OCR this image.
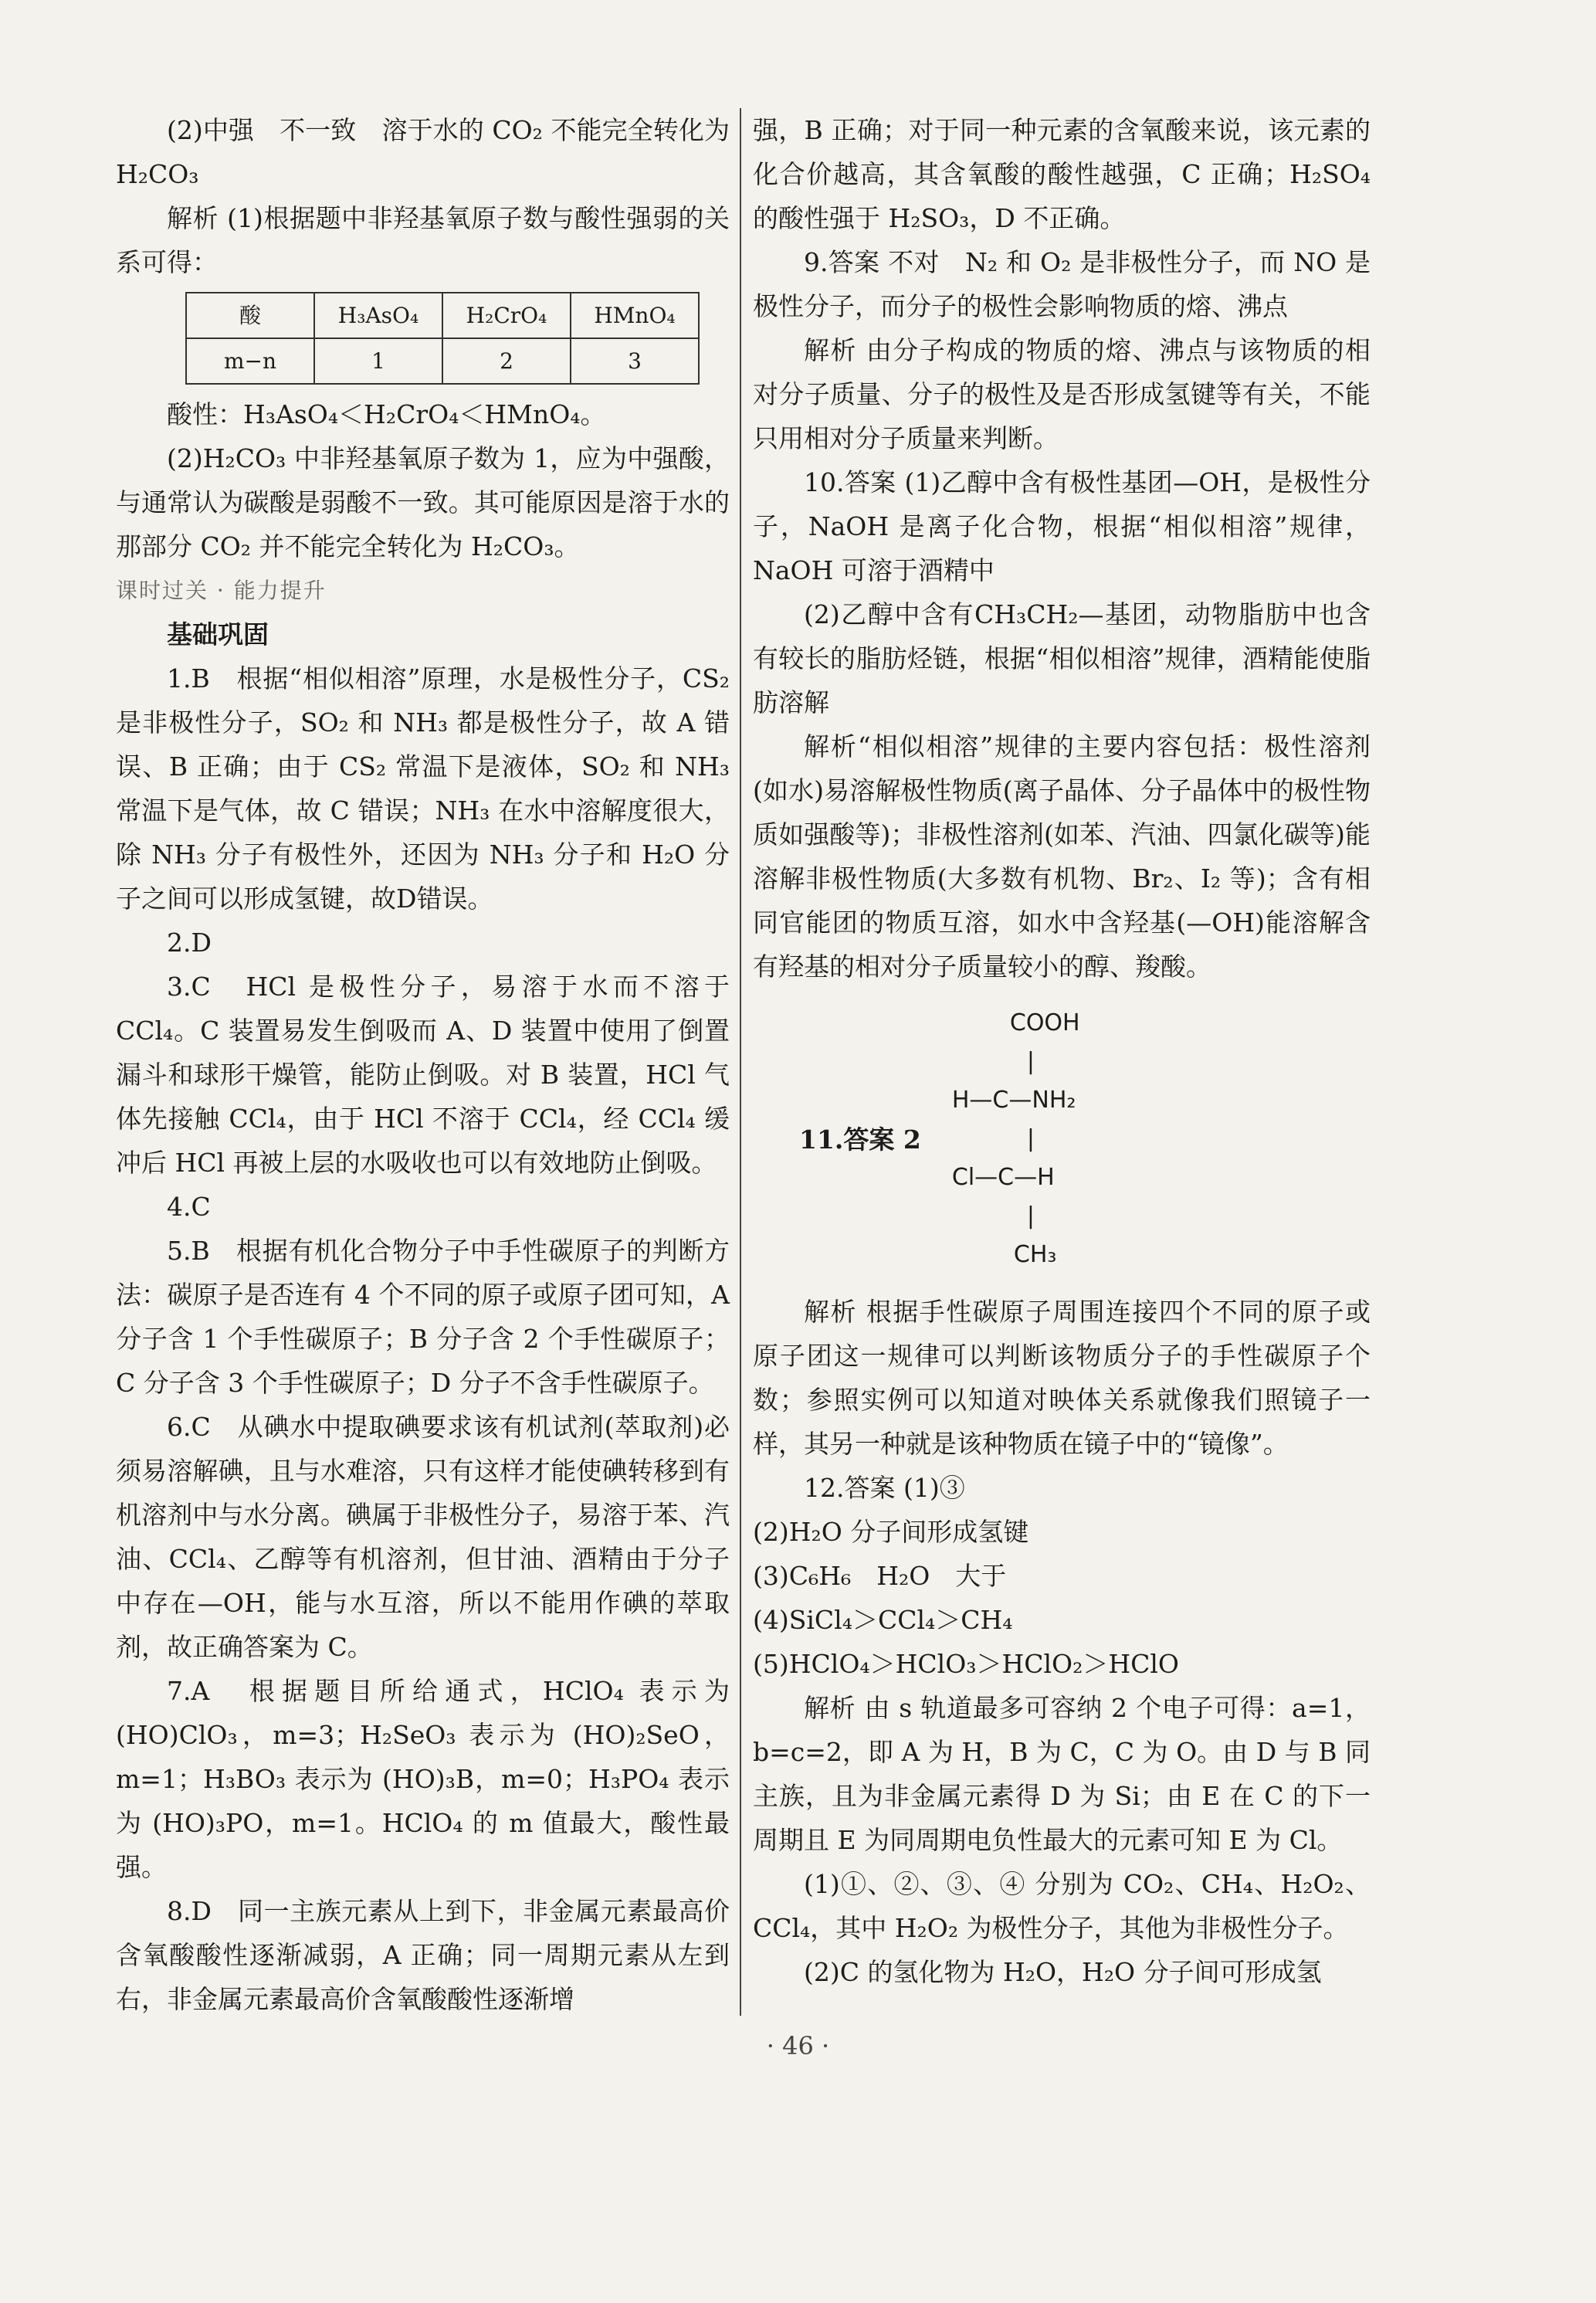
(2)中强　不一致　溶于水的 CO₂ 不能完全转化为 H₂CO₃

解析 (1)根据题中非羟基氧原子数与酸性强弱的关系可得：

酸	H₃AsO₄	H₂CrO₄	HMnO₄
m−n	1	2	3

酸性：H₃AsO₄＜H₂CrO₄＜HMnO₄。

(2)H₂CO₃ 中非羟基氧原子数为 1，应为中强酸，与通常认为碳酸是弱酸不一致。其可能原因是溶于水的那部分 CO₂ 并不能完全转化为 H₂CO₃。

课时过关 · 能力提升

基础巩固

1.B　根据“相似相溶”原理，水是极性分子，CS₂ 是非极性分子，SO₂ 和 NH₃ 都是极性分子，故 A 错误、B 正确；由于 CS₂ 常温下是液体，SO₂ 和 NH₃ 常温下是气体，故 C 错误；NH₃ 在水中溶解度很大，除 NH₃ 分子有极性外，还因为 NH₃ 分子和 H₂O 分子之间可以形成氢键，故D错误。

2.D

3.C　HCl 是极性分子，易溶于水而不溶于 CCl₄。C 装置易发生倒吸而 A、D 装置中使用了倒置漏斗和球形干燥管，能防止倒吸。对 B 装置，HCl 气体先接触 CCl₄，由于 HCl 不溶于 CCl₄，经 CCl₄ 缓冲后 HCl 再被上层的水吸收也可以有效地防止倒吸。

4.C

5.B　根据有机化合物分子中手性碳原子的判断方法：碳原子是否连有 4 个不同的原子或原子团可知，A 分子含 1 个手性碳原子；B 分子含 2 个手性碳原子；C 分子含 3 个手性碳原子；D 分子不含手性碳原子。

6.C　从碘水中提取碘要求该有机试剂(萃取剂)必须易溶解碘，且与水难溶，只有这样才能使碘转移到有机溶剂中与水分离。碘属于非极性分子，易溶于苯、汽油、CCl₄、乙醇等有机溶剂，但甘油、酒精由于分子中存在—OH，能与水互溶，所以不能用作碘的萃取剂，故正确答案为 C。

7.A　根据题目所给通式，HClO₄ 表示为 (HO)ClO₃，m=3；H₂SeO₃ 表示为 (HO)₂SeO，m=1；H₃BO₃ 表示为 (HO)₃B，m=0；H₃PO₄ 表示为 (HO)₃PO，m=1。HClO₄ 的 m 值最大，酸性最强。

8.D　同一主族元素从上到下，非金属元素最高价含氧酸酸性逐渐减弱，A 正确；同一周期元素从左到右，非金属元素最高价含氧酸酸性逐渐增

强，B 正确；对于同一种元素的含氧酸来说，该元素的化合价越高，其含氧酸的酸性越强，C 正确；H₂SO₄ 的酸性强于 H₂SO₃，D 不正确。

9.答案 不对　N₂ 和 O₂ 是非极性分子，而 NO 是极性分子，而分子的极性会影响物质的熔、沸点

解析 由分子构成的物质的熔、沸点与该物质的相对分子质量、分子的极性及是否形成氢键等有关，不能只用相对分子质量来判断。

10.答案 (1)乙醇中含有极性基团—OH，是极性分子，NaOH 是离子化合物，根据“相似相溶”规律，NaOH 可溶于酒精中

(2)乙醇中含有CH₃CH₂—基团，动物脂肪中也含有较长的脂肪烃链，根据“相似相溶”规律，酒精能使脂肪溶解

解析“相似相溶”规律的主要内容包括：极性溶剂(如水)易溶解极性物质(离子晶体、分子晶体中的极性物质如强酸等)；非极性溶剂(如苯、汽油、四氯化碳等)能溶解非极性物质(大多数有机物、Br₂、I₂ 等)；含有相同官能团的物质互溶，如水中含羟基(—OH)能溶解含有羟基的相对分子质量较小的醇、羧酸。

11.答案 2
COOH
|
H—C—NH₂
|
Cl—C—H
|
CH₃

解析 根据手性碳原子周围连接四个不同的原子或原子团这一规律可以判断该物质分子的手性碳原子个数；参照实例可以知道对映体关系就像我们照镜子一样，其另一种就是该种物质在镜子中的“镜像”。

12.答案 (1)③

(2)H₂O 分子间形成氢键

(3)C₆H₆　H₂O　大于

(4)SiCl₄＞CCl₄＞CH₄

(5)HClO₄＞HClO₃＞HClO₂＞HClO

解析 由 s 轨道最多可容纳 2 个电子可得：a=1，b=c=2，即 A 为 H，B 为 C，C 为 O。由 D 与 B 同主族，且为非金属元素得 D 为 Si；由 E 在 C 的下一周期且 E 为同周期电负性最大的元素可知 E 为 Cl。

(1)①、②、③、④ 分别为 CO₂、CH₄、H₂O₂、CCl₄，其中 H₂O₂ 为极性分子，其他为非极性分子。

(2)C 的氢化物为 H₂O，H₂O 分子间可形成氢

· 46 ·
